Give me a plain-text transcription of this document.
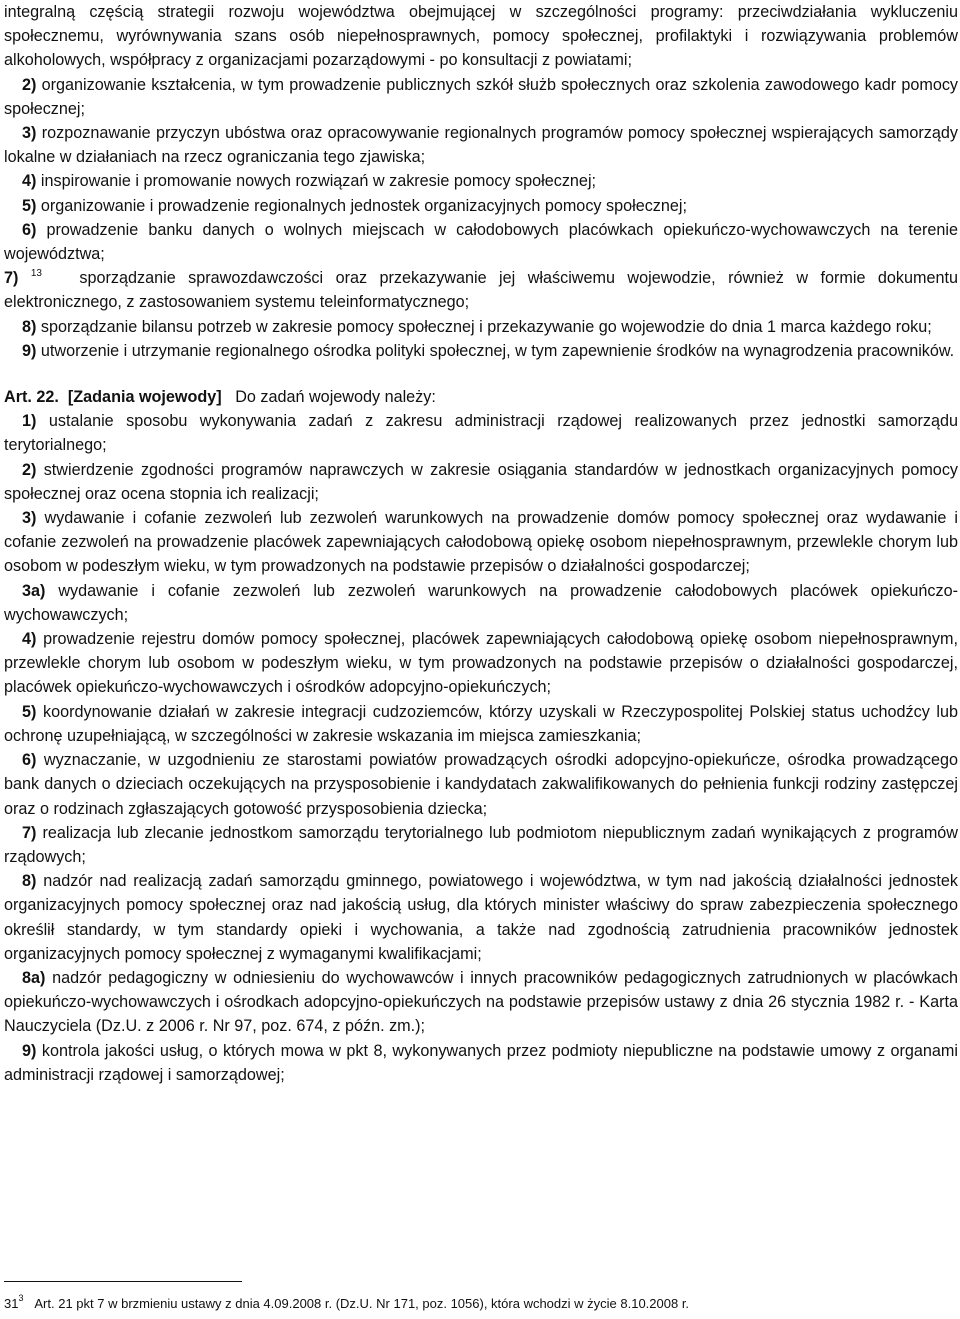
integralną częścią strategii rozwoju województwa obejmującej w szczególności programy: przeciwdziałania wykluczeniu społecznemu, wyrównywania szans osób niepełnosprawnych, pomocy społecznej, profilaktyki i rozwiązywania problemów alkoholowych, współpracy z organizacjami pozarządowymi - po konsultacji z powiatami;

2) organizowanie kształcenia, w tym prowadzenie publicznych szkół służb społecznych oraz szkolenia zawodowego kadr pomocy społecznej;

3) rozpoznawanie przyczyn ubóstwa oraz opracowywanie regionalnych programów pomocy społecznej wspierających samorządy lokalne w działaniach na rzecz ograniczania tego zjawiska;

4) inspirowanie i promowanie nowych rozwiązań w zakresie pomocy społecznej;

5) organizowanie i prowadzenie regionalnych jednostek organizacyjnych pomocy społecznej;

6) prowadzenie banku danych o wolnych miejscach w całodobowych placówkach opiekuńczo-wychowawczych na terenie województwa;

7) $^{13}$ sporządzanie sprawozdawczości oraz przekazywanie jej właściwemu wojewodzie, również w formie dokumentu elektronicznego, z zastosowaniem systemu teleinformatycznego;

8) sporządzanie bilansu potrzeb w zakresie pomocy społecznej i przekazywanie go wojewodzie do dnia 1 marca każdego roku;

9) utworzenie i utrzymanie regionalnego ośrodka polityki społecznej, w tym zapewnienie środków na wynagrodzenia pracowników.

Art. 22. [Zadania wojewody] Do zadań wojewody należy:

1) ustalanie sposobu wykonywania zadań z zakresu administracji rządowej realizowanych przez jednostki samorządu terytorialnego;

2) stwierdzenie zgodności programów naprawczych w zakresie osiągania standardów w jednostkach organizacyjnych pomocy społecznej oraz ocena stopnia ich realizacji;

3) wydawanie i cofanie zezwoleń lub zezwoleń warunkowych na prowadzenie domów pomocy społecznej oraz wydawanie i cofanie zezwoleń na prowadzenie placówek zapewniających całodobową opiekę osobom niepełnosprawnym, przewlekle chorym lub osobom w podeszłym wieku, w tym prowadzonych na podstawie przepisów o działalności gospodarczej;

3a) wydawanie i cofanie zezwoleń lub zezwoleń warunkowych na prowadzenie całodobowych placówek opiekuńczo-wychowawczych;

4) prowadzenie rejestru domów pomocy społecznej, placówek zapewniających całodobową opiekę osobom niepełnosprawnym, przewlekle chorym lub osobom w podeszłym wieku, w tym prowadzonych na podstawie przepisów o działalności gospodarczej, placówek opiekuńczo-wychowawczych i ośrodków adopcyjno-opiekuńczych;

5) koordynowanie działań w zakresie integracji cudzoziemców, którzy uzyskali w Rzeczypospolitej Polskiej status uchodźcy lub ochronę uzupełniającą, w szczególności w zakresie wskazania im miejsca zamieszkania;

6) wyznaczanie, w uzgodnieniu ze starostami powiatów prowadzących ośrodki adopcyjno-opiekuńcze, ośrodka prowadzącego bank danych o dzieciach oczekujących na przysposobienie i kandydatach zakwalifikowanych do pełnienia funkcji rodziny zastępczej oraz o rodzinach zgłaszających gotowość przysposobienia dziecka;

7) realizacja lub zlecanie jednostkom samorządu terytorialnego lub podmiotom niepublicznym zadań wynikających z programów rządowych;

8) nadzór nad realizacją zadań samorządu gminnego, powiatowego i województwa, w tym nad jakością działalności jednostek organizacyjnych pomocy społecznej oraz nad jakością usług, dla których minister właściwy do spraw zabezpieczenia społecznego określił standardy, w tym standardy opieki i wychowania, a także nad zgodnością zatrudnienia pracowników jednostek organizacyjnych pomocy społecznej z wymaganymi kwalifikacjami;

8a) nadzór pedagogiczny w odniesieniu do wychowawców i innych pracowników pedagogicznych zatrudnionych w placówkach opiekuńczo-wychowawczych i ośrodkach adopcyjno-opiekuńczych na podstawie przepisów ustawy z dnia 26 stycznia 1982 r. - Karta Nauczyciela (Dz.U. z 2006 r. Nr 97, poz. 674, z późn. zm.);

9) kontrola jakości usług, o których mowa w pkt 8, wykonywanych przez podmioty niepubliczne na podstawie umowy z organami administracji rządowej i samorządowej;

$31^3$ Art. 21 pkt 7 w brzmieniu ustawy z dnia 4.09.2008 r. (Dz.U. Nr 171, poz. 1056), która wchodzi w życie 8.10.2008 r.
